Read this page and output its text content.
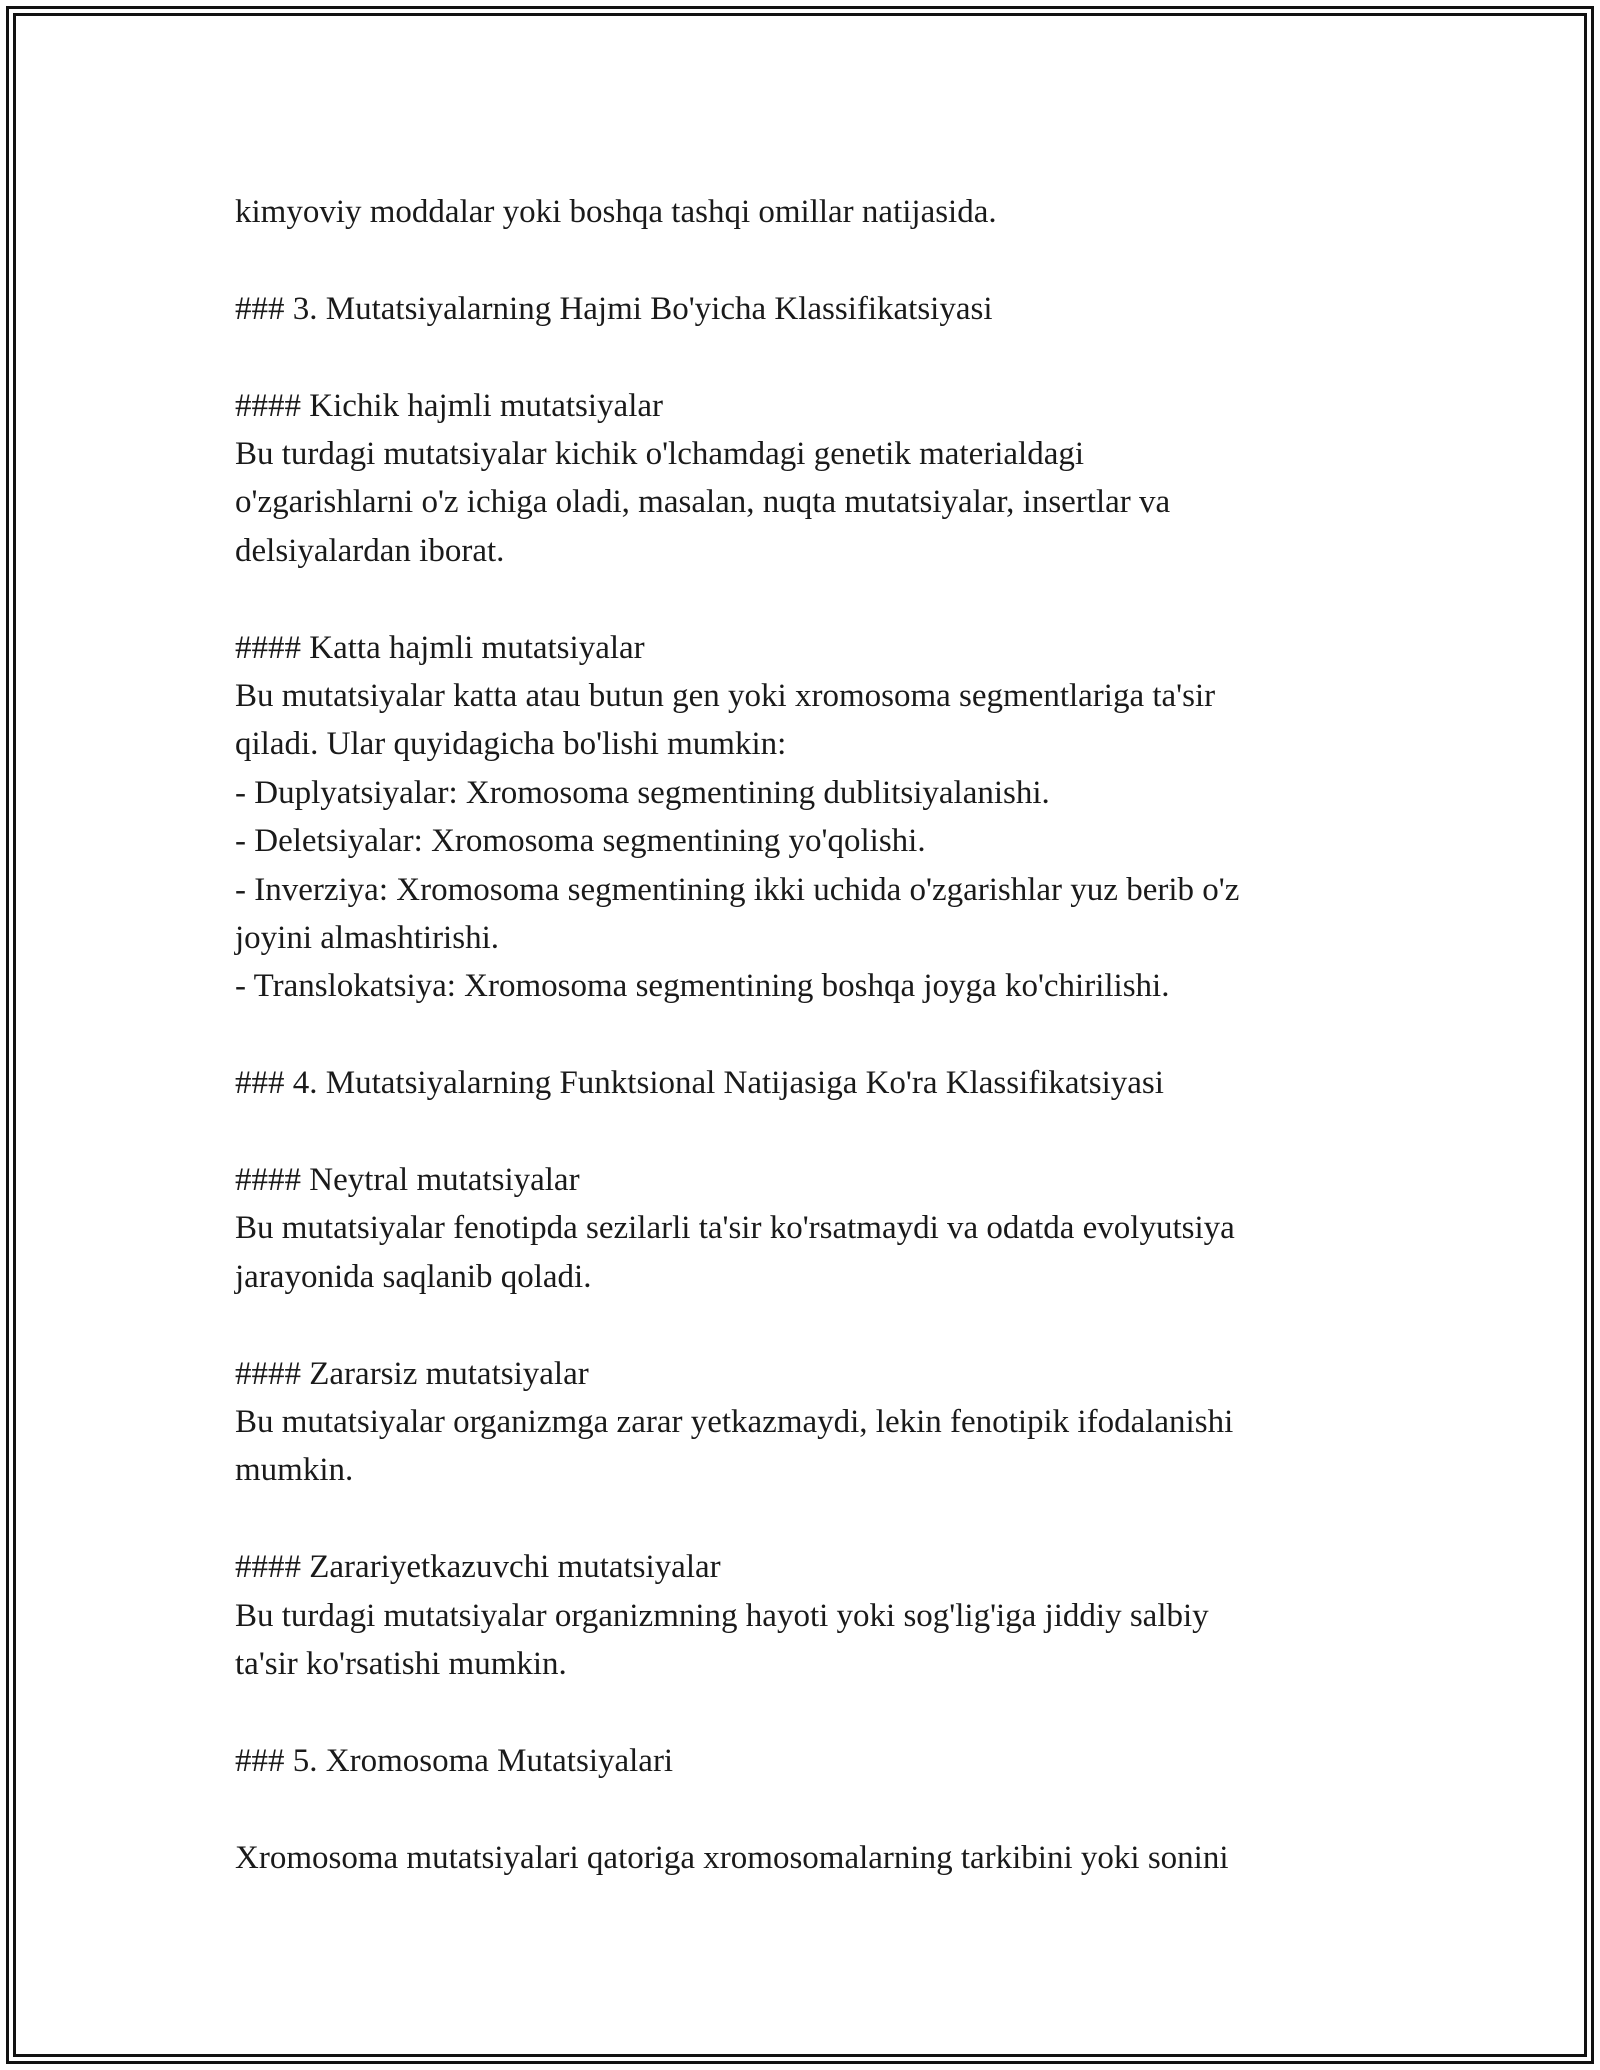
kimyoviy moddalar yoki boshqa tashqi omillar natijasida.
### 3. Mutatsiyalarning Hajmi Bo'yicha Klassifikatsiyasi
#### Kichik hajmli mutatsiyalar
Bu turdagi mutatsiyalar kichik o'lchamdagi genetik materialdagi
o'zgarishlarni o'z ichiga oladi, masalan, nuqta mutatsiyalar, insertlar va
delsiyalardan iborat.
#### Katta hajmli mutatsiyalar
Bu mutatsiyalar katta atau butun gen yoki xromosoma segmentlariga ta'sir
qiladi. Ular quyidagicha bo'lishi mumkin:
- Duplyatsiyalar: Xromosoma segmentining dublitsiyalanishi.
- Deletsiyalar: Xromosoma segmentining yo'qolishi.
- Inverziya: Xromosoma segmentining ikki uchida o'zgarishlar yuz berib o'z
joyini almashtirishi.
- Translokatsiya: Xromosoma segmentining boshqa joyga ko'chirilishi.
### 4. Mutatsiyalarning Funktsional Natijasiga Ko'ra Klassifikatsiyasi
#### Neytral mutatsiyalar
Bu mutatsiyalar fenotipda sezilarli ta'sir ko'rsatmaydi va odatda evolyutsiya
jarayonida saqlanib qoladi.
#### Zararsiz mutatsiyalar
Bu mutatsiyalar organizmga zarar yetkazmaydi, lekin fenotipik ifodalanishi
mumkin.
#### Zarariyetkazuvchi mutatsiyalar
Bu turdagi mutatsiyalar organizmning hayoti yoki sog'lig'iga jiddiy salbiy
ta'sir ko'rsatishi mumkin.
### 5. Xromosoma Mutatsiyalari
Xromosoma mutatsiyalari qatoriga xromosomalarning tarkibini yoki sonini
